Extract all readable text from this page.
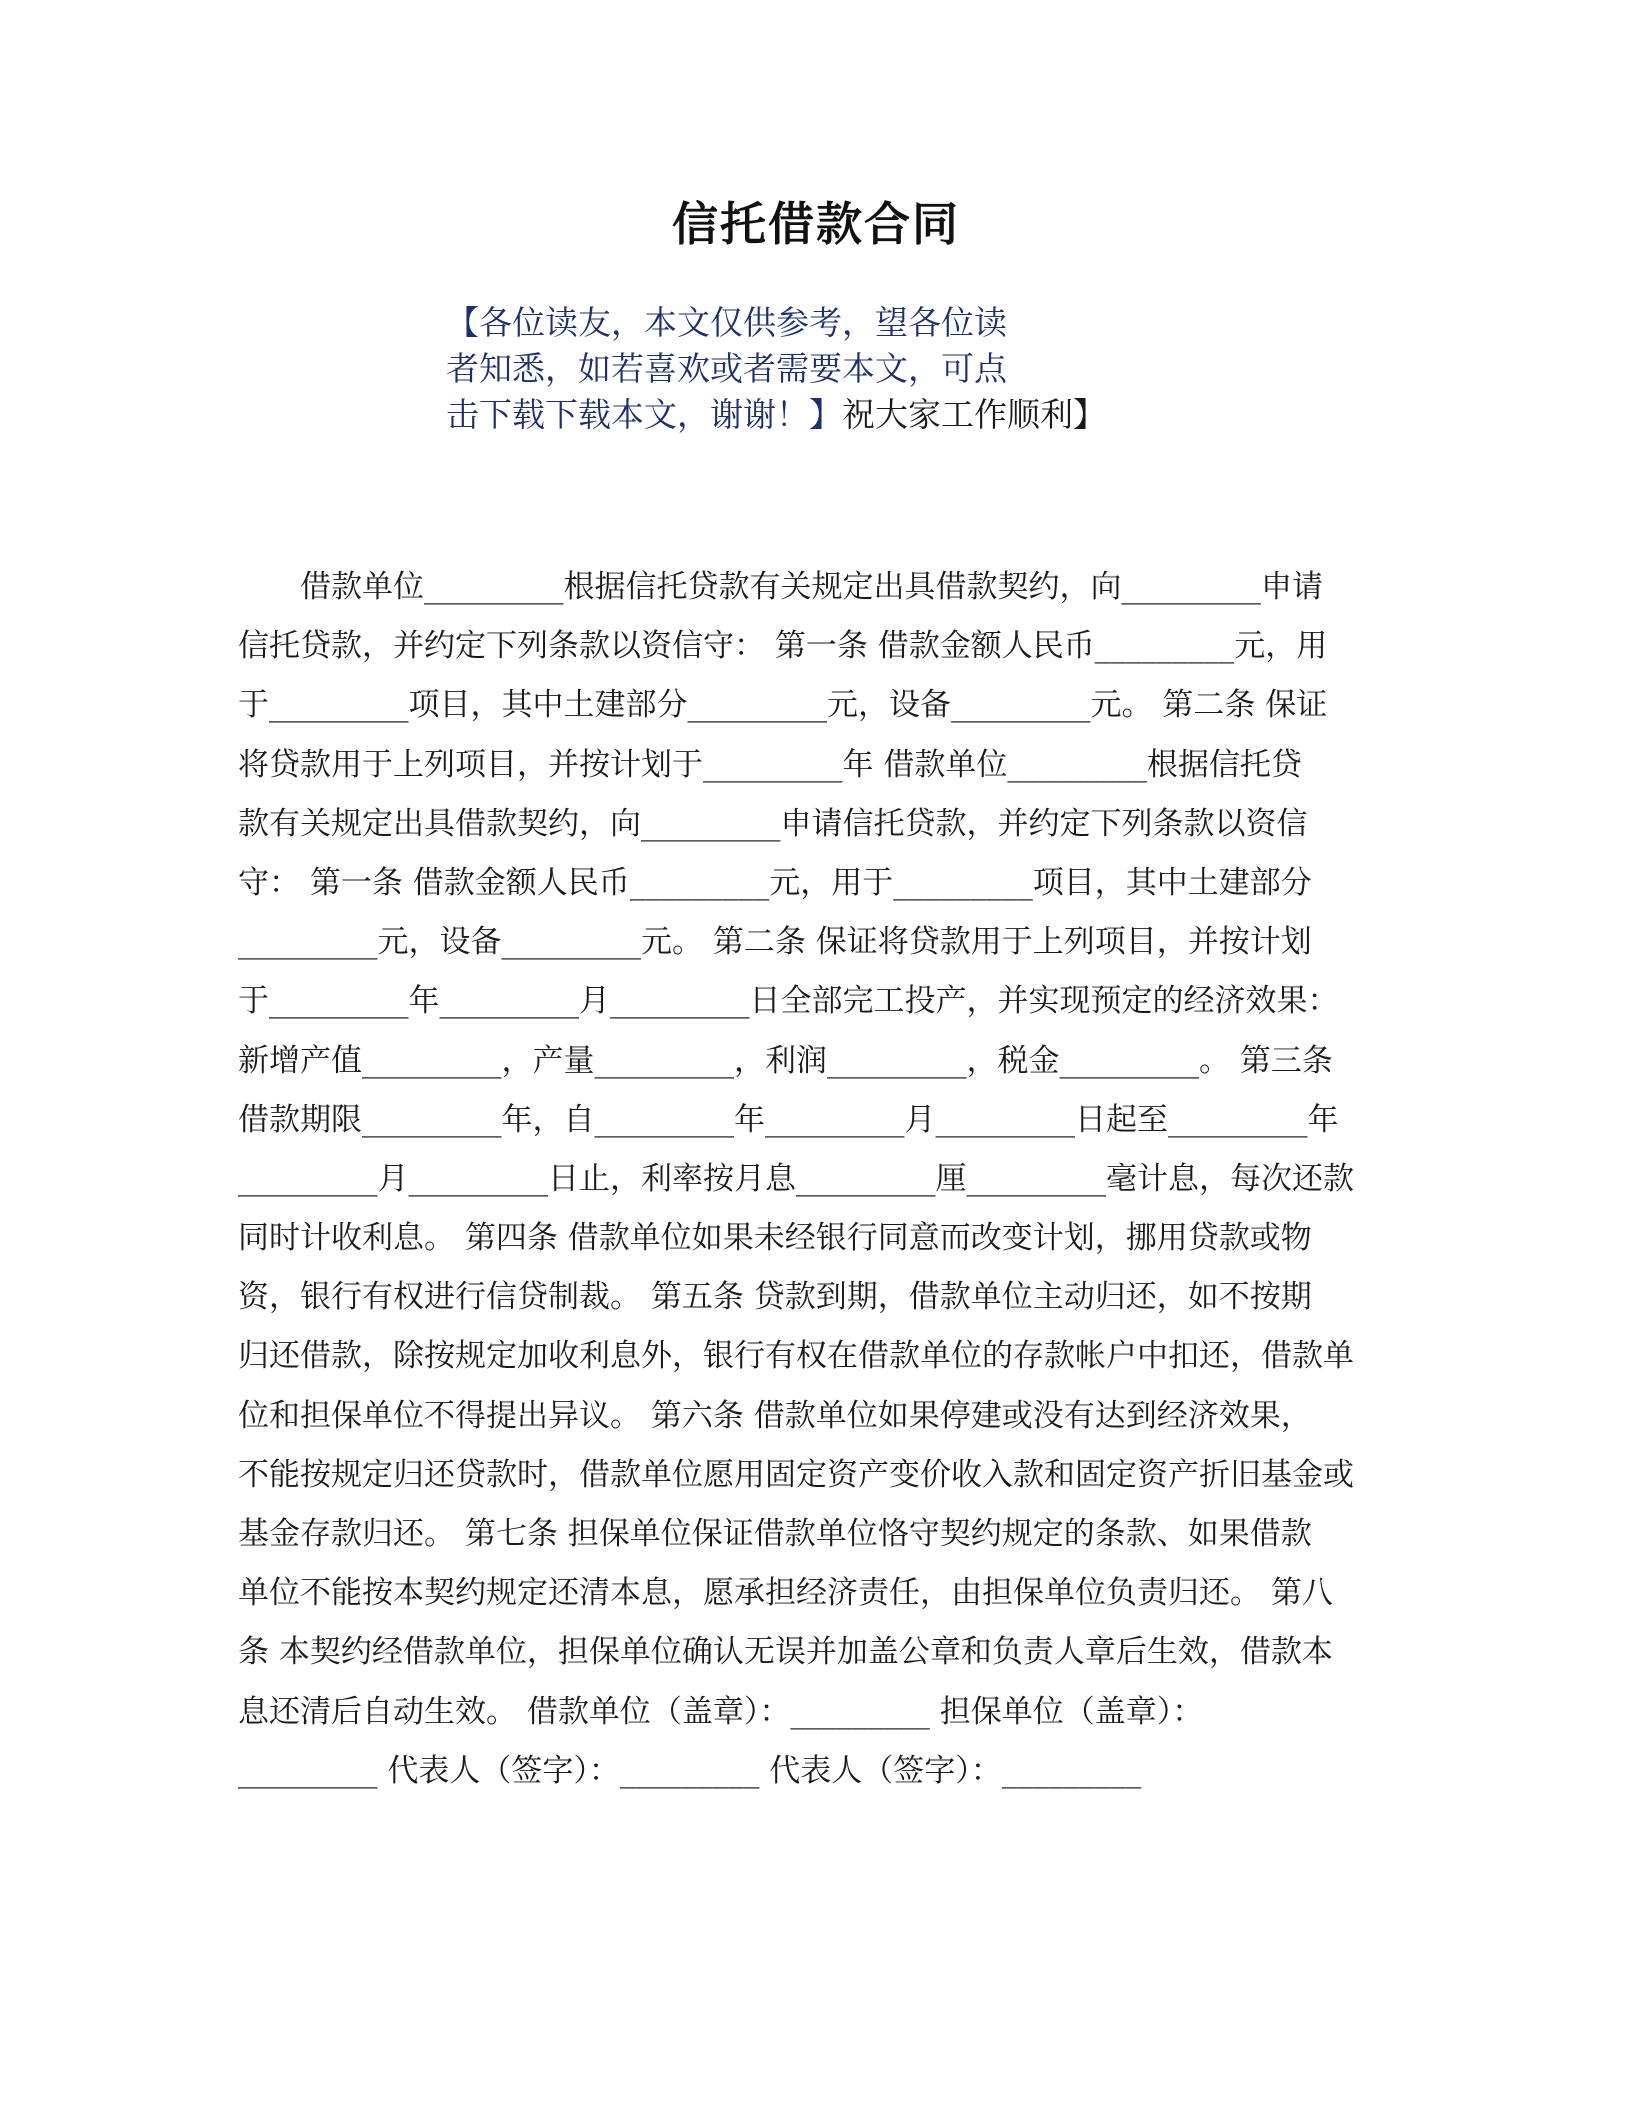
信托借款合同
【各位读友，本文仅供参考，望各位读
者知悉，如若喜欢或者需要本文，可点
击下载下载本文，谢谢！】祝大家工作顺利】
　　借款单位_________根据信托贷款有关规定出具借款契约，向_________申请
信托贷款，并约定下列条款以资信守： 第一条 借款金额人民币_________元，用
于_________项目，其中土建部分_________元，设备_________元。 第二条 保证
将贷款用于上列项目，并按计划于_________年 借款单位_________根据信托贷
款有关规定出具借款契约，向_________申请信托贷款，并约定下列条款以资信
守： 第一条 借款金额人民币_________元，用于_________项目，其中土建部分
_________元，设备_________元。 第二条 保证将贷款用于上列项目，并按计划
于_________年_________月_________日全部完工投产，并实现预定的经济效果：
新增产值_________，产量_________，利润_________，税金_________。 第三条
借款期限_________年，自_________年_________月_________日起至_________年
_________月_________日止，利率按月息_________厘_________毫计息，每次还款
同时计收利息。 第四条 借款单位如果未经银行同意而改变计划，挪用贷款或物
资，银行有权进行信贷制裁。 第五条 贷款到期，借款单位主动归还，如不按期
归还借款，除按规定加收利息外，银行有权在借款单位的存款帐户中扣还，借款单
位和担保单位不得提出异议。 第六条 借款单位如果停建或没有达到经济效果，
不能按规定归还贷款时，借款单位愿用固定资产变价收入款和固定资产折旧基金或
基金存款归还。 第七条 担保单位保证借款单位恪守契约规定的条款、如果借款
单位不能按本契约规定还清本息，愿承担经济责任，由担保单位负责归还。 第八
条 本契约经借款单位，担保单位确认无误并加盖公章和负责人章后生效，借款本
息还清后自动生效。 借款单位（盖章）：_________ 担保单位（盖章）：
_________ 代表人（签字）：_________ 代表人（签字）：_________
